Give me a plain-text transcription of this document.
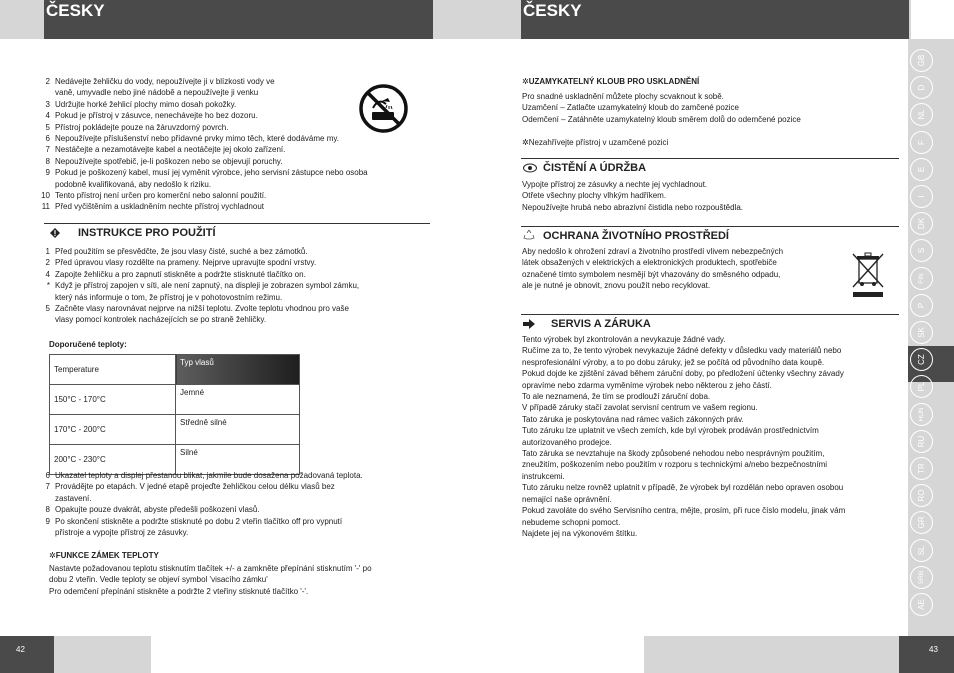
ČESKY
2 Nedávejte žehličku do vody, nepoužívejte ji v blízkosti vody ve
vaně, umyvadle nebo jiné nádobě a nepoužívejte ji venku
3 Udržujte horké žehlicí plochy mimo dosah pokožky.
4 Pokud je přístroj v zásuvce, nenechávejte ho bez dozoru.
5 Přístroj pokládejte pouze na žáruvzdorný povrch.
6 Nepoužívejte příslušenství nebo přídavné prvky mimo těch, které dodáváme my.
7 Nestáčejte a nezamotávejte kabel a neotáčejte jej okolo zařízení.
8 Nepoužívejte spotřebič, je-li poškozen nebo se objevují poruchy.
9 Pokud je poškozený kabel, musí jej vyměnit výrobce, jeho servisní zástupce nebo osoba
podobně kvalifikovaná, aby nedošlo k riziku.
10 Tento přístroj není určen pro komerční nebo salonní použití.
11 Před vyčištěním a uskladněním nechte přístroj vychladnout
INSTRUKCE PRO POUŽITÍ
1 Před použitím se přesvědčte, že jsou vlasy čisté, suché a bez zámotků.
2 Před úpravou vlasy rozdělte na prameny. Nejprve upravujte spodní vrstvy.
4 Zapojte žehličku a pro zapnutí stiskněte a podržte stisknuté tlačítko on.
* Když je přístroj zapojen v síti, ale není zapnutý, na displeji je zobrazen symbol zámku,
který nás informuje o tom, že přístroj je v pohotovostním režimu.
5 Začněte vlasy narovnávat nejprve na nižší teplotu. Zvolte teplotu vhodnou pro vaše
vlasy pomocí kontrolek nacházejících se po straně žehličky.
Doporučené teploty:
Temperature	Typ vlasů
150°C - 170°C	Jemné
170°C - 200°C	Středně silné
200°C - 230°C	Silné
6 Ukazatel teploty a displej přestanou blikat, jakmile bude dosažena požadovaná teplota.
7 Provádějte po etapách. V jedné etapě projeďte žehličkou celou délku vlasů bez
zastavení.
8 Opakujte pouze dvakrát, abyste předešli poškození vlasů.
9 Po skončení stiskněte a podržte stisknuté po dobu 2 vteřin tlačítko off pro vypnutí
přístroje a vypojte přístroj ze zásuvky.
✲FUNKCE ZÁMEK TEPLOTY
Nastavte požadovanou teplotu stisknutím tlačítek +/- a zamkněte přepínání stisknutím '-' po
dobu 2 vteřin. Vedle teploty se objeví symbol 'visacího zámku'
Pro odemčení přepínání stiskněte a podržte 2 vteřiny stisknuté tlačítko '-'.
42
ČESKY
✲UZAMYKATELNÝ KLOUB PRO USKLADNĚNÍ
Pro snadné uskladnění můžete plochy scvaknout k sobě.
Uzamčení – Zatlačte uzamykatelný kloub do zamčené pozice
Odemčení – Zatáhněte uzamykatelný kloub směrem dolů do odemčené pozice
✲Nezahřívejte přístroj v uzamčené pozici
ČISTĚNÍ A ÚDRŽBA
Vypojte přístroj ze zásuvky a nechte jej vychladnout.
Otřete všechny plochy vlhkým hadříkem.
Nepoužívejte hrubá nebo abrazivní čistidla nebo rozpouštědla.
OCHRANA ŽIVOTNÍHO PROSTŘEDÍ
Aby nedošlo k ohrožení zdraví a životního prostředí vlivem nebezpečných
látek obsažených v elektrických a elektronických produktech, spotřebiče
označené tímto symbolem nesmějí být vhazovány do směsného odpadu,
ale je nutné je obnovit, znovu použít nebo recyklovat.
SERVIS A ZÁRUKA
Tento výrobek byl zkontrolován a nevykazuje žádné vady.
Ručíme za to, že tento výrobek nevykazuje žádné defekty v důsledku vady materiálů nebo
nesprofesionální výroby, a to po dobu záruky, jež se počítá od původního data koupě.
Pokud dojde ke zjištění závad během záruční doby, po předložení účtenky všechny závady
opravíme nebo zdarma vyměníme výrobek nebo některou z jeho částí.
To ale neznamená, že tím se prodlouží záruční doba.
V případě záruky stačí zavolat servisní centrum ve vašem regionu.
Tato záruka je poskytována nad rámec vašich zákonných práv.
Tuto záruku lze uplatnit ve všech zemích, kde byl výrobek prodáván prostřednictvím
autorizovaného prodejce.
Tato záruka se nevztahuje na škody způsobené nehodou nebo nesprávným použitím,
zneužitím, poškozením nebo použitím v rozporu s technickými a/nebo bezpečnostními
instrukcemi.
Tuto záruku nelze rovněž uplatnit v případě, že výrobek byl rozdělán nebo opraven osobou
nemající naše oprávnění.
Pokud zavoláte do svého Servisního centra, mějte, prosím, při ruce číslo modelu, jinak vám
nebudeme schopni pomoct.
Najdete jej na výkonovém štítku.
43
GB
D
NL
F
E
I
DK
S
FIN
P
SK
CZ
PL
HUN
RU
TR
RO
GR
SL
SRB
AE
